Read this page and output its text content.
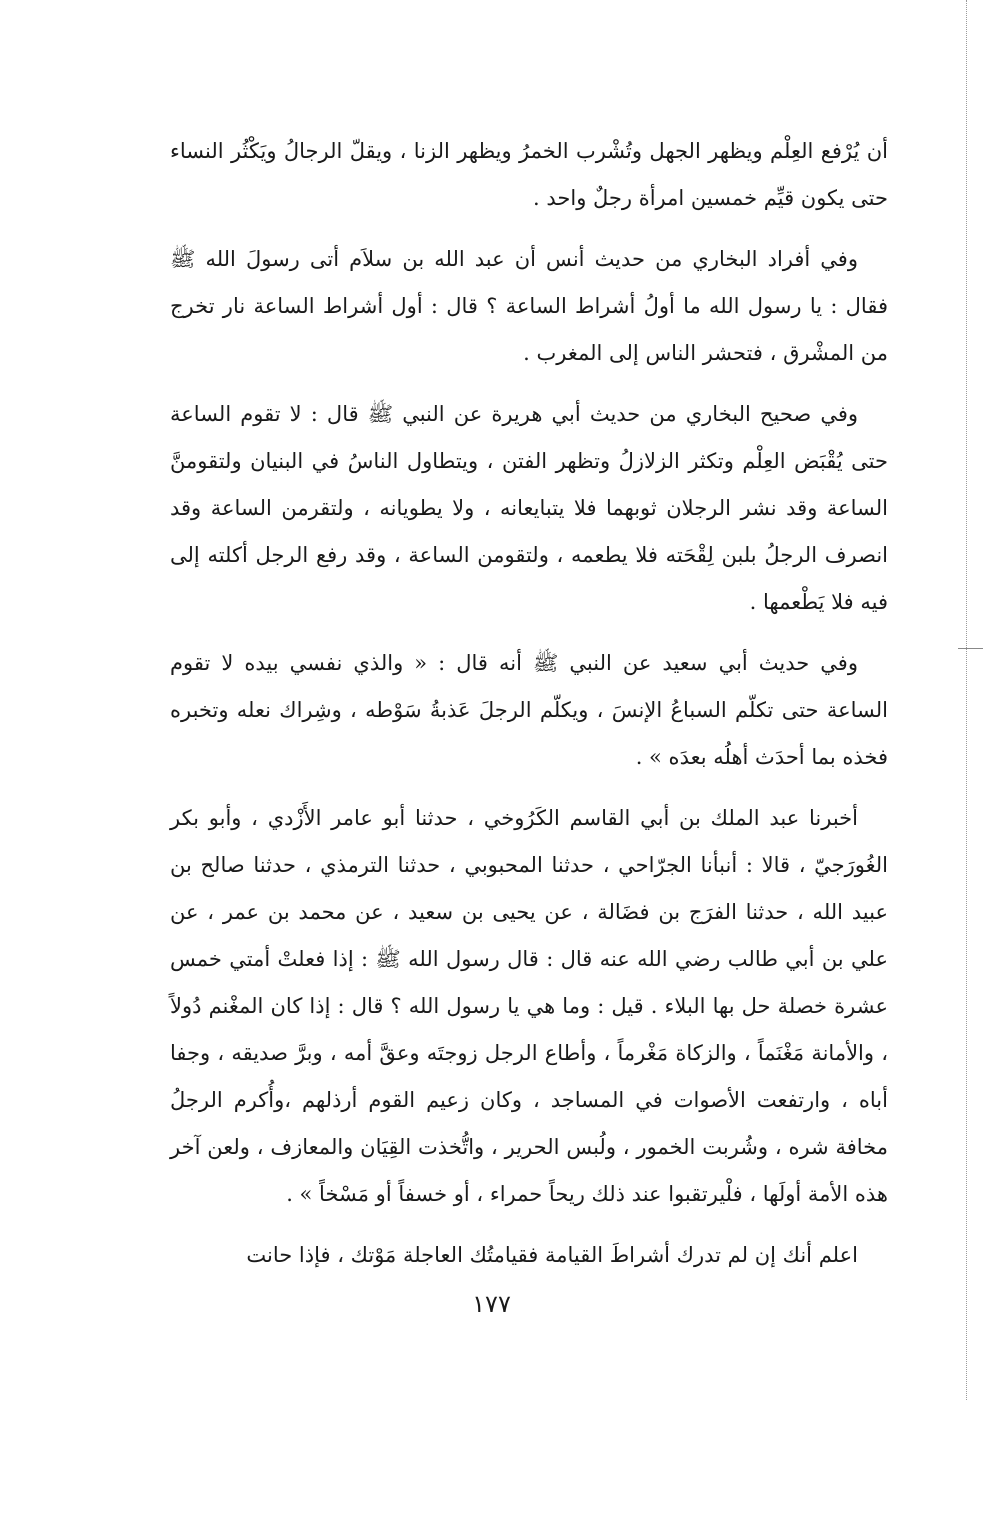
أن يُرْفع العِلْم ويظهر الجهل وتُشْرب الخمرُ ويظهر الزنا ، ويقلّ الرجالُ ويَكْثُر النساء حتى يكون قيِّم خمسين امرأة رجلٌ واحد .

وفي أفراد البخاري من حديث أنس أن عبد الله بن سلاَم أتى رسولَ الله ﷺ فقال : يا رسول الله ما أولُ أشراط الساعة ؟ قال : أول أشراط الساعة نار تخرج من المشْرق ، فتحشر الناس إلى المغرب .

وفي صحيح البخاري من حديث أبي هريرة عن النبي ﷺ قال : لا تقوم الساعة حتى يُقْبَض العِلْم وتكثر الزلازلُ وتظهر الفتن ، ويتطاول الناسُ في البنيان ولتقومنَّ الساعة وقد نشر الرجلان ثوبهما فلا يتبايعانه ، ولا يطويانه ، ولتقرمن الساعة وقد انصرف الرجلُ بلبن لِقْحَته فلا يطعمه ، ولتقومن الساعة ، وقد رفع الرجل أكلته إلى فيه فلا يَطْعمها .

وفي حديث أبي سعيد عن النبي ﷺ أنه قال : « والذي نفسي بيده لا تقوم الساعة حتى تكلّم السباعُ الإنسَ ، ويكلّم الرجلَ عَذبةُ سَوْطه ، وشِراك نعله وتخبره فخذه بما أحدَث أهلُه بعدَه » .

أخبرنا عبد الملك بن أبي القاسم الكَرُوخي ، حدثنا أبو عامر الأَزْدي ، وأبو بكر الغُورَجيّ ، قالا : أنبأنا الجرّاحي ، حدثنا المحبوبي ، حدثنا الترمذي ، حدثنا صالح بن عبيد الله ، حدثنا الفرَج بن فضَالة ، عن يحيى بن سعيد ، عن محمد بن عمر ، عن علي بن أبي طالب رضي الله عنه قال : قال رسول الله ﷺ : إذا فعلتْ أمتي خمس عشرة خصلة حل بها البلاء . قيل : وما هي يا رسول الله ؟ قال : إذا كان المغْنم دُولاً ، والأمانة مَغْنَماً ، والزكاة مَغْرماً ، وأطاع الرجل زوجتَه وعقَّ أمه ، وبرَّ صديقه ، وجفا أباه ، وارتفعت الأصوات في المساجد ، وكان زعيم القوم أرذلهم ،وأُكرم الرجلُ مخافة شره ، وشُربت الخمور ، ولُبس الحرير ، واتُّخذت القِيَان والمعازف ، ولعن آخر هذه الأمة أولَها ، فلْيرتقبوا عند ذلك ريحاً حمراء ، أو خسفاً أو مَسْخاً » .

اعلم أنك إن لم تدرك أشراطَ القيامة فقيامتُك العاجلة مَوْتك ، فإذا حانت

١٧٧
